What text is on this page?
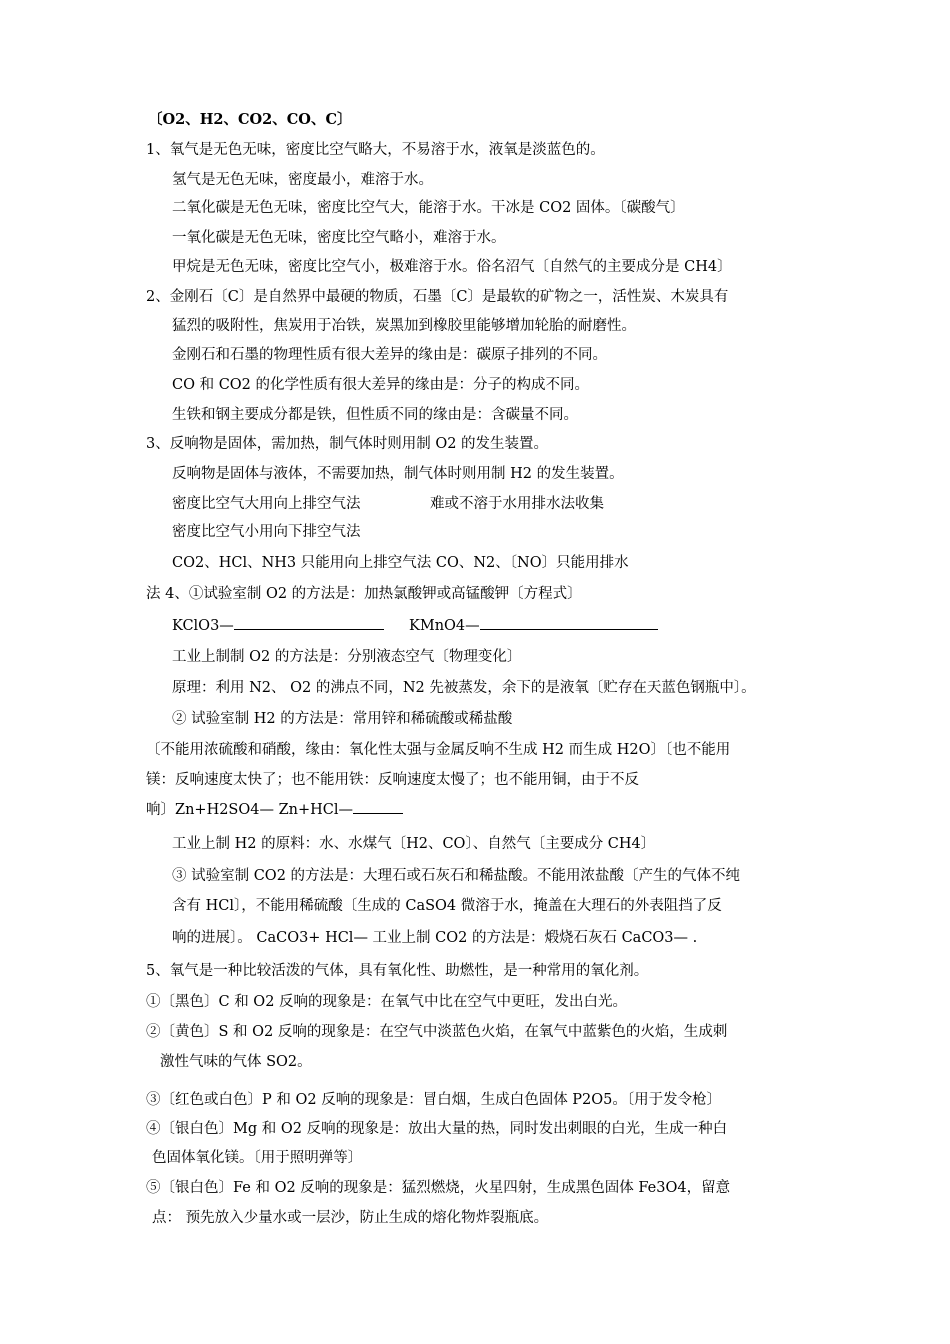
〔O2、H2、CO2、CO、C〕
1、氧气是无色无味，密度比空气略大，不易溶于水，液氧是淡蓝色的。
氢气是无色无味，密度最小，难溶于水。
二氧化碳是无色无味，密度比空气大，能溶于水。干冰是 CO2 固体。〔碳酸气〕
一氧化碳是无色无味，密度比空气略小，难溶于水。
甲烷是无色无味，密度比空气小，极难溶于水。俗名沼气〔自然气的主要成分是 CH4〕
2、金刚石〔C〕是自然界中最硬的物质，石墨〔C〕是最软的矿物之一，活性炭、木炭具有
猛烈的吸附性，焦炭用于冶铁，炭黑加到橡胶里能够增加轮胎的耐磨性。
金刚石和石墨的物理性质有很大差异的缘由是：碳原子排列的不同。
CO 和 CO2 的化学性质有很大差异的缘由是：分子的构成不同。
生铁和钢主要成分都是铁，但性质不同的缘由是：含碳量不同。
3、反响物是固体，需加热，制气体时则用制 O2 的发生装置。
反响物是固体与液体，不需要加热，制气体时则用制 H2 的发生装置。
密度比空气大用向上排空气法	难或不溶于水用排水法收集
密度比空气小用向下排空气法
CO2、HCl、NH3 只能用向上排空气法 CO、N2、〔NO〕只能用排水
法 4、①试验室制 O2 的方法是：加热氯酸钾或高锰酸钾〔方程式〕
KClO3—	KMnO4—
工业上制制 O2 的方法是：分别液态空气〔物理变化〕
原理：利用 N2、 O2 的沸点不同，N2 先被蒸发，余下的是液氧〔贮存在天蓝色钢瓶中〕。
② 试验室制 H2 的方法是：常用锌和稀硫酸或稀盐酸
〔不能用浓硫酸和硝酸，缘由：氧化性太强与金属反响不生成 H2 而生成 H2O〕〔也不能用
镁：反响速度太快了；也不能用铁：反响速度太慢了；也不能用铜，由于不反
响〕Zn+H2SO4— Zn+HCl—
工业上制 H2 的原料：水、水煤气〔H2、CO〕、自然气〔主要成分 CH4〕
③ 试验室制 CO2 的方法是：大理石或石灰石和稀盐酸。不能用浓盐酸〔产生的气体不纯
含有 HCl〕，不能用稀硫酸〔生成的 CaSO4 微溶于水，掩盖在大理石的外表阻挡了反
响的进展〕。 CaCO3+ HCl— 工业上制 CO2 的方法是：煅烧石灰石 CaCO3— .
5、氧气是一种比较活泼的气体，具有氧化性、助燃性，是一种常用的氧化剂。
①〔黑色〕C 和 O2 反响的现象是：在氧气中比在空气中更旺，发出白光。
②〔黄色〕S 和 O2 反响的现象是：在空气中淡蓝色火焰，在氧气中蓝紫色的火焰，生成刺
激性气味的气体 SO2。
③〔红色或白色〕P 和 O2 反响的现象是：冒白烟，生成白色固体 P2O5。〔用于发令枪〕
④〔银白色〕Mg 和 O2 反响的现象是：放出大量的热，同时发出刺眼的白光，生成一种白
色固体氧化镁。〔用于照明弹等〕
⑤〔银白色〕Fe 和 O2 反响的现象是：猛烈燃烧，火星四射，生成黑色固体 Fe3O4，留意
点： 预先放入少量水或一层沙，防止生成的熔化物炸裂瓶底。
